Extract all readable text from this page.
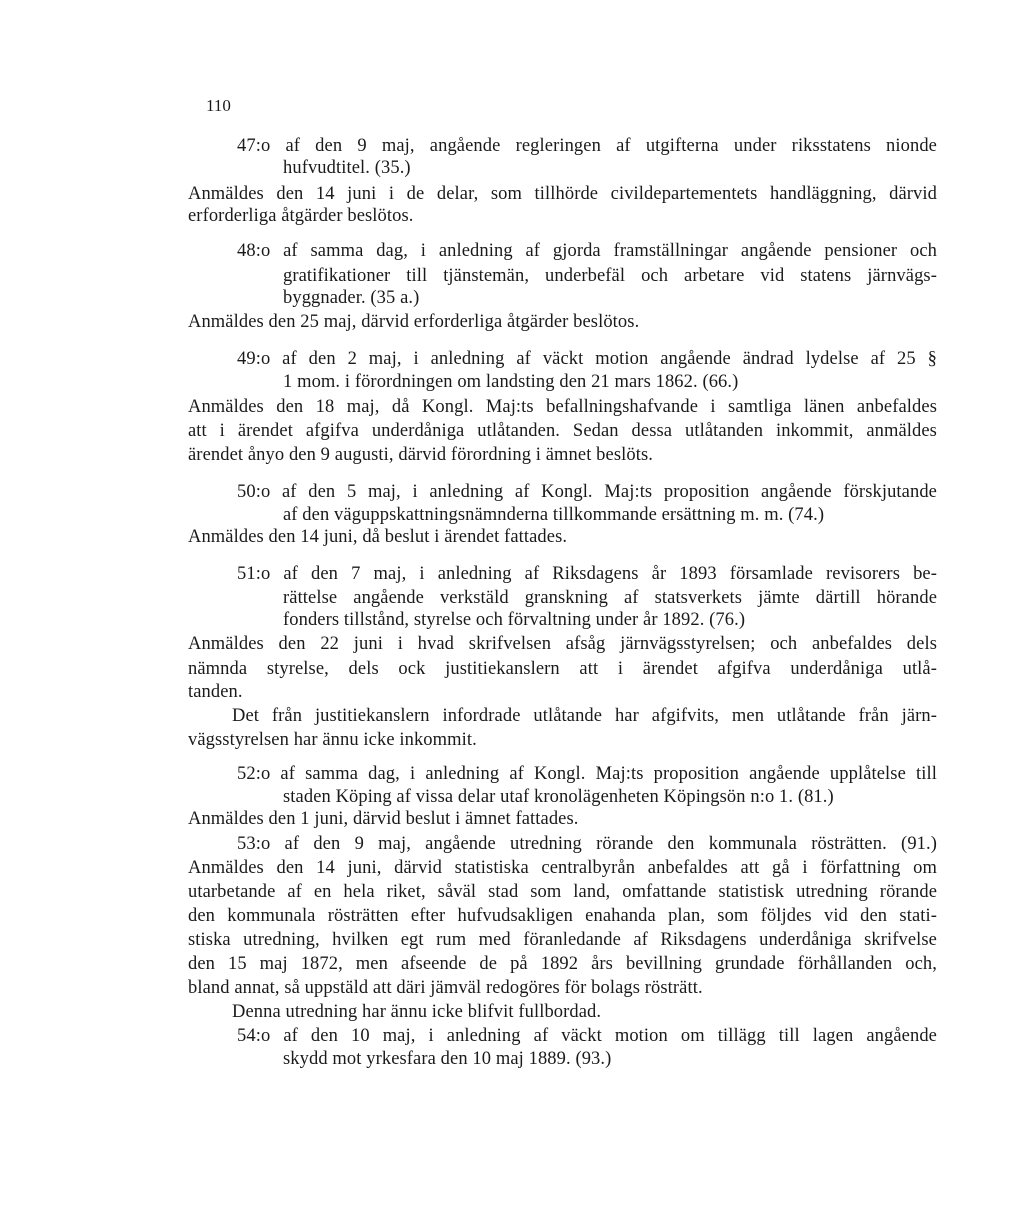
110
47:o af den 9 maj, angående regleringen af utgifterna under riksstatens nionde
hufvudtitel. (35.)
Anmäldes den 14 juni i de delar, som tillhörde civildepartementets handläggning, därvid
erforderliga åtgärder beslötos.
48:o af samma dag, i anledning af gjorda framställningar angående pensioner och
gratifikationer till tjänstemän, underbefäl och arbetare vid statens järnvägs-
byggnader. (35 a.)
Anmäldes den 25 maj, därvid erforderliga åtgärder beslötos.
49:o af den 2 maj, i anledning af väckt motion angående ändrad lydelse af 25 §
1 mom. i förordningen om landsting den 21 mars 1862. (66.)
Anmäldes den 18 maj, då Kongl. Maj:ts befallningshafvande i samtliga länen anbefaldes
att i ärendet afgifva underdåniga utlåtanden. Sedan dessa utlåtanden inkommit, anmäldes
ärendet ånyo den 9 augusti, därvid förordning i ämnet beslöts.
50:o af den 5 maj, i anledning af Kongl. Maj:ts proposition angående förskjutande
af den väguppskattningsnämnderna tillkommande ersättning m. m. (74.)
Anmäldes den 14 juni, då beslut i ärendet fattades.
51:o af den 7 maj, i anledning af Riksdagens år 1893 församlade revisorers be-
rättelse angående verkstäld granskning af statsverkets jämte därtill hörande
fonders tillstånd, styrelse och förvaltning under år 1892. (76.)
Anmäldes den 22 juni i hvad skrifvelsen afsåg järnvägsstyrelsen; och anbefaldes dels
nämnda styrelse, dels ock justitiekanslern att i ärendet afgifva underdåniga utlå-
tanden.
Det från justitiekanslern infordrade utlåtande har afgifvits, men utlåtande från järn-
vägsstyrelsen har ännu icke inkommit.
52:o af samma dag, i anledning af Kongl. Maj:ts proposition angående upplåtelse till
staden Köping af vissa delar utaf kronolägenheten Köpingsön n:o 1. (81.)
Anmäldes den 1 juni, därvid beslut i ämnet fattades.
53:o af den 9 maj, angående utredning rörande den kommunala rösträtten. (91.)
Anmäldes den 14 juni, därvid statistiska centralbyrån anbefaldes att gå i författning om
utarbetande af en hela riket, såväl stad som land, omfattande statistisk utredning rörande
den kommunala rösträtten efter hufvudsakligen enahanda plan, som följdes vid den stati-
stiska utredning, hvilken egt rum med föranledande af Riksdagens underdåniga skrifvelse
den 15 maj 1872, men afseende de på 1892 års bevillning grundade förhållanden och,
bland annat, så uppstäld att däri jämväl redogöres för bolags rösträtt.
Denna utredning har ännu icke blifvit fullbordad.
54:o af den 10 maj, i anledning af väckt motion om tillägg till lagen angående
skydd mot yrkesfara den 10 maj 1889. (93.)
